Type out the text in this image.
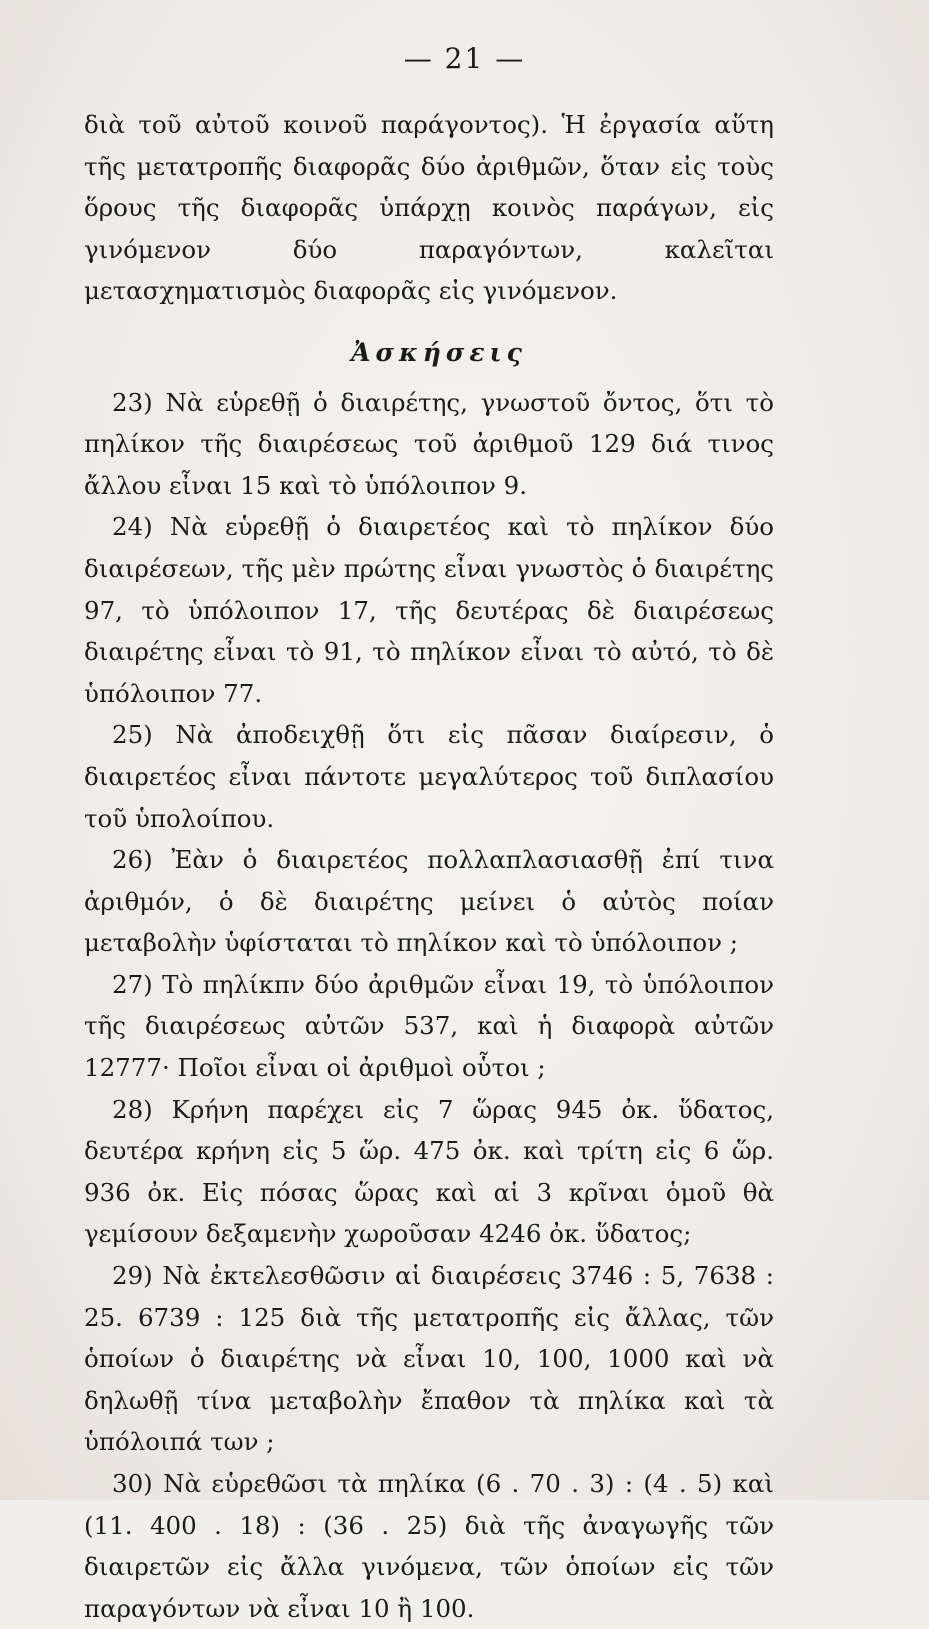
— 21 —

διὰ τοῦ αὐτοῦ κοινοῦ παράγοντος). Ἡ ἐργασία αὕτη τῆς μετατροπῆς διαφορᾶς δύο ἀριθμῶν, ὅταν εἰς τοὺς ὅρους τῆς διαφορᾶς ὑπάρχῃ κοινὸς παράγων, εἰς γινόμενον δύο παραγόντων, καλεῖται μετασχηματισμὸς διαφορᾶς εἰς γινόμενον.

Ἀσκήσεις

23) Νὰ εὑρεθῇ ὁ διαιρέτης, γνωστοῦ ὄντος, ὅτι τὸ πηλίκον τῆς διαιρέσεως τοῦ ἀριθμοῦ 129 διά τινος ἄλλου εἶναι 15 καὶ τὸ ὑπόλοιπον 9.

24) Νὰ εὑρεθῇ ὁ διαιρετέος καὶ τὸ πηλίκον δύο διαιρέσεων, τῆς μὲν πρώτης εἶναι γνωστὸς ὁ διαιρέτης 97, τὸ ὑπόλοιπον 17, τῆς δευτέρας δὲ διαιρέσεως διαιρέτης εἶναι τὸ 91, τὸ πηλίκον εἶναι τὸ αὐτό, τὸ δὲ ὑπόλοιπον 77.

25) Νὰ ἀποδειχθῇ ὅτι εἰς πᾶσαν διαίρεσιν, ὁ διαιρετέος εἶναι πάντοτε μεγαλύτερος τοῦ διπλασίου τοῦ ὑπολοίπου.

26) Ἐὰν ὁ διαιρετέος πολλαπλασιασθῇ ἐπί τινα ἀριθμόν, ὁ δὲ διαιρέτης μείνει ὁ αὐτὸς ποίαν μεταβολὴν ὑφίσταται τὸ πηλίκον καὶ τὸ ὑπόλοιπον ;

27) Τὸ πηλίκπν δύο ἀριθμῶν εἶναι 19, τὸ ὑπόλοιπον τῆς διαιρέσεως αὐτῶν 537, καὶ ἡ διαφορὰ αὐτῶν 12777· Ποῖοι εἶναι οἱ ἀριθμοὶ οὗτοι ;

28) Κρήνη παρέχει εἰς 7 ὥρας 945 ὀκ. ὕδατος, δευτέρα κρήνη εἰς 5 ὥρ. 475 ὀκ. καὶ τρίτη εἰς 6 ὥρ. 936 ὀκ. Εἰς πόσας ὥρας καὶ αἱ 3 κρῖναι ὁμοῦ θὰ γεμίσουν δεξαμενὴν χωροῦσαν 4246 ὀκ. ὕδατος;

29) Νὰ ἐκτελεσθῶσιν αἱ διαιρέσεις 3746 : 5, 7638 : 25. 6739 : 125 διὰ τῆς μετατροπῆς εἰς ἄλλας, τῶν ὁποίων ὁ διαιρέτης νὰ εἶναι 10, 100, 1000 καὶ νὰ δηλωθῇ τίνα μεταβολὴν ἔπαθον τὰ πηλίκα καὶ τὰ ὑπόλοιπά των ;

30) Νὰ εὑρεθῶσι τὰ πηλίκα (6 . 70 . 3) : (4 . 5) καὶ (11. 400 . 18) : (36 . 25) διὰ τῆς ἀναγωγῆς τῶν διαιρετῶν εἰς ἄλλα γινόμενα, τῶν ὁποίων εἰς τῶν παραγόντων νὰ εἶναι 10 ἢ 100.
